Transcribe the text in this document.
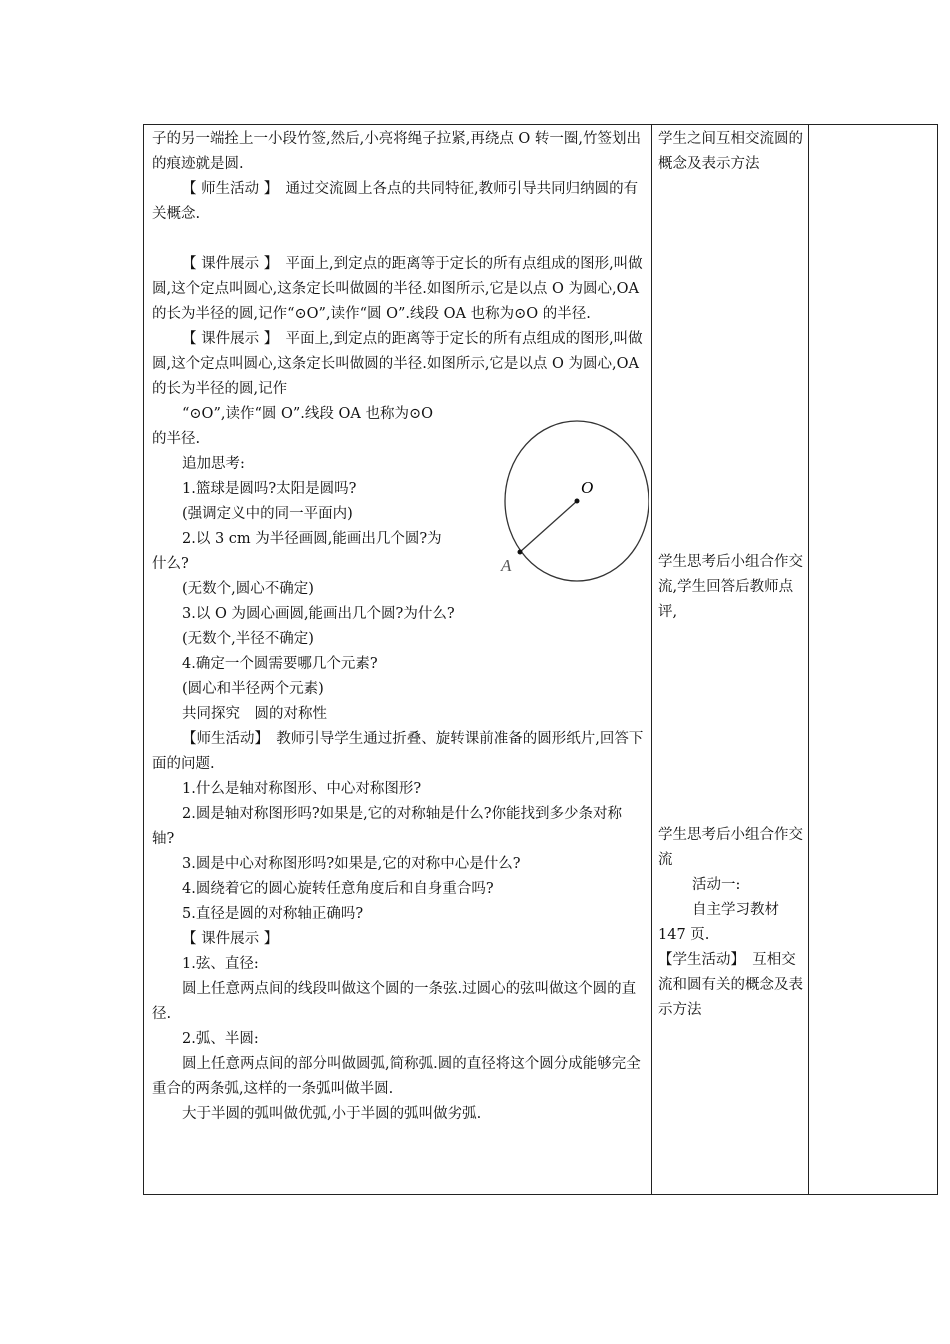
子的另一端拴上一小段竹签,然后,小亮将绳子拉紧,再绕点 O 转一圈,竹签划出的痕迹就是圆.

【 师生活动 】　通过交流圆上各点的共同特征,教师引导共同归纳圆的有关概念.

【 课件展示 】　平面上,到定点的距离等于定长的所有点组成的图形,叫做圆,这个定点叫圆心,这条定长叫做圆的半径.如图所示,它是以点 O 为圆心,OA 的长为半径的圆,记作“⊙O”,读作“圆 O”.线段 OA 也称为⊙O 的半径.

【 课件展示 】　平面上,到定点的距离等于定长的所有点组成的图形,叫做圆,这个定点叫圆心,这条定长叫做圆的半径.如图所示,它是以点 O 为圆心,OA 的长为半径的圆,记作

“⊙O”,读作“圆 O”.线段 OA 也称为⊙O

的半径.

追加思考:

1.篮球是圆吗?太阳是圆吗?

(强调定义中的同一平面内)

2.以 3 cm 为半径画圆,能画出几个圆?为

什么?

(无数个,圆心不确定)

3.以 O 为圆心画圆,能画出几个圆?为什么?

(无数个,半径不确定)

4.确定一个圆需要哪几个元素?

(圆心和半径两个元素)

共同探究　圆的对称性

【师生活动】　教师引导学生通过折叠、旋转课前准备的圆形纸片,回答下面的问题.

1.什么是轴对称图形、中心对称图形?

2.圆是轴对称图形吗?如果是,它的对称轴是什么?你能找到多少条对称轴?

3.圆是中心对称图形吗?如果是,它的对称中心是什么?

4.圆绕着它的圆心旋转任意角度后和自身重合吗?

5.直径是圆的对称轴正确吗?

【 课件展示 】

1.弦、直径:

圆上任意两点间的线段叫做这个圆的一条弦.过圆心的弦叫做这个圆的直径.

2.弧、半圆:

圆上任意两点间的部分叫做圆弧,简称弧.圆的直径将这个圆分成能够完全重合的两条弧,这样的一条弧叫做半圆.

大于半圆的弧叫做优弧,小于半圆的弧叫做劣弧.

O
A

学生之间互相交流圆的概念及表示方法

学生思考后小组合作交流,学生回答后教师点评,

学生思考后小组合作交流

活动一:

自主学习教材 147 页.

【学生活动】　互相交流和圆有关的概念及表示方法
